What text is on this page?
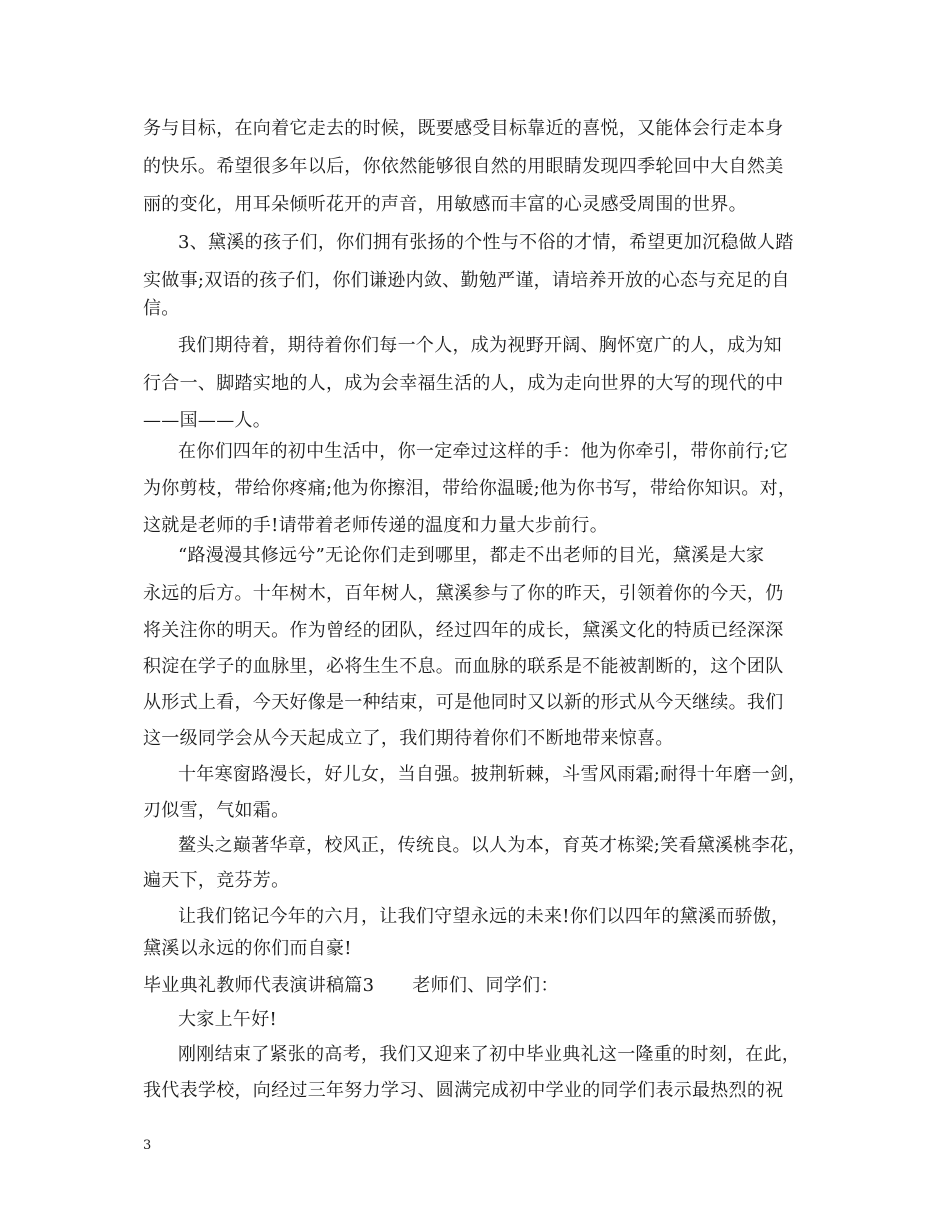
务与目标，在向着它走去的时候，既要感受目标靠近的喜悦，又能体会行走本身

的快乐。希望很多年以后，你依然能够很自然的用眼睛发现四季轮回中大自然美

丽的变化，用耳朵倾听花开的声音，用敏感而丰富的心灵感受周围的世界。

3、黛溪的孩子们，你们拥有张扬的个性与不俗的才情，希望更加沉稳做人踏

实做事;双语的孩子们，你们谦逊内敛、勤勉严谨，请培养开放的心态与充足的自

信。

我们期待着，期待着你们每一个人，成为视野开阔、胸怀宽广的人，成为知

行合一、脚踏实地的人，成为会幸福生活的人，成为走向世界的大写的现代的中

——国——人。

在你们四年的初中生活中，你一定牵过这样的手：他为你牵引，带你前行;它

为你剪枝，带给你疼痛;他为你擦泪，带给你温暖;他为你书写，带给你知识。对，

这就是老师的手!请带着老师传递的温度和力量大步前行。

“路漫漫其修远兮”无论你们走到哪里，都走不出老师的目光，黛溪是大家

永远的后方。十年树木，百年树人，黛溪参与了你的昨天，引领着你的今天，仍

将关注你的明天。作为曾经的团队，经过四年的成长，黛溪文化的特质已经深深

积淀在学子的血脉里，必将生生不息。而血脉的联系是不能被割断的，这个团队

从形式上看，今天好像是一种结束，可是他同时又以新的形式从今天继续。我们

这一级同学会从今天起成立了，我们期待着你们不断地带来惊喜。

十年寒窗路漫长，好儿女，当自强。披荆斩棘，斗雪风雨霜;耐得十年磨一剑，

刃似雪，气如霜。

鳌头之巅著华章，校风正，传统良。以人为本，育英才栋梁;笑看黛溪桃李花，

遍天下，竞芬芳。

让我们铭记今年的六月，让我们守望永远的未来!你们以四年的黛溪而骄傲，

黛溪以永远的你们而自豪!

毕业典礼教师代表演讲稿篇3 老师们、同学们：

大家上午好!

刚刚结束了紧张的高考，我们又迎来了初中毕业典礼这一隆重的时刻，在此，

我代表学校，向经过三年努力学习、圆满完成初中学业的同学们表示最热烈的祝

3
